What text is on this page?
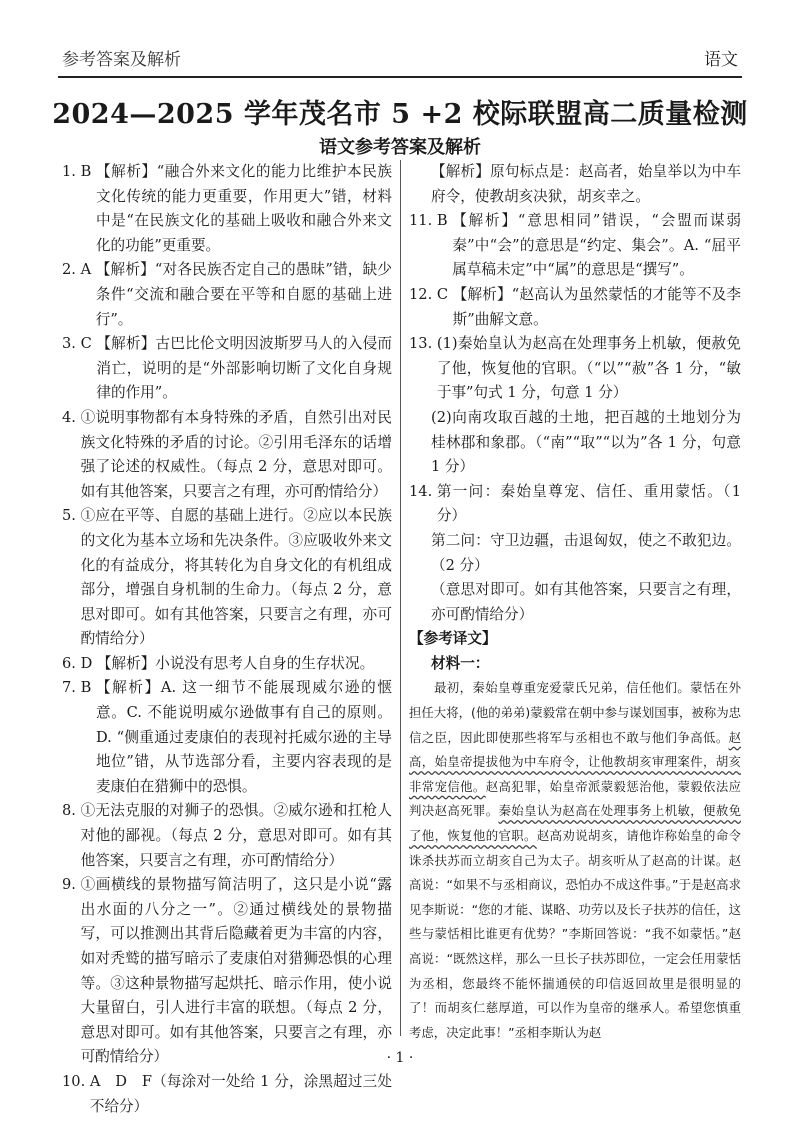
参考答案及解析	语文
2024—2025 学年茂名市 5 +2 校际联盟高二质量检测
语文参考答案及解析
1. B 【解析】“融合外来文化的能力比维护本民族文化传统的能力更重要，作用更大”错，材料中是“在民族文化的基础上吸收和融合外来文化的功能”更重要。
2. A 【解析】“对各民族否定自己的愚昧”错，缺少条件“交流和融合要在平等和自愿的基础上进行”。
3. C 【解析】古巴比伦文明因波斯罗马人的入侵而消亡，说明的是“外部影响切断了文化自身规律的作用”。
4. ①说明事物都有本身特殊的矛盾，自然引出对民族文化特殊的矛盾的讨论。②引用毛泽东的话增强了论述的权威性。（每点 2 分，意思对即可。如有其他答案，只要言之有理，亦可酌情给分）
5. ①应在平等、自愿的基础上进行。②应以本民族的文化为基本立场和先决条件。③应吸收外来文化的有益成分，将其转化为自身文化的有机组成部分，增强自身机制的生命力。（每点 2 分，意思对即可。如有其他答案，只要言之有理，亦可酌情给分）
6. D 【解析】小说没有思考人自身的生存状况。
7. B 【解析】A. 这一细节不能展现威尔逊的惬意。C. 不能说明威尔逊做事有自己的原则。D. “侧重通过麦康伯的表现衬托威尔逊的主导地位”错，从节选部分看，主要内容表现的是麦康伯在猎狮中的恐惧。
8. ①无法克服的对狮子的恐惧。②威尔逊和扛枪人对他的鄙视。（每点 2 分，意思对即可。如有其他答案，只要言之有理，亦可酌情给分）
9. ①画横线的景物描写简洁明了，这只是小说“露出水面的八分之一”。②通过横线处的景物描写，可以推测出其背后隐藏着更为丰富的内容，如对秃鹫的描写暗示了麦康伯对猎狮恐惧的心理等。③这种景物描写起烘托、暗示作用，使小说大量留白，引人进行丰富的联想。（每点 2 分，意思对即可。如有其他答案，只要言之有理，亦可酌情给分）
10. A　D　F（每涂对一处给 1 分，涂黑超过三处不给分）
【解析】原句标点是：赵高者，始皇举以为中车府令，使教胡亥决狱，胡亥幸之。
11. B 【解析】“意思相同”错误，“会盟而谋弱秦”中“会”的意思是“约定、集会”。A. “屈平属草稿未定”中“属”的意思是“撰写”。
12. C 【解析】“赵高认为虽然蒙恬的才能等不及李斯”曲解文意。
13. (1)秦始皇认为赵高在处理事务上机敏，便赦免了他，恢复他的官职。（“以”“赦”各 1 分，“敏于事”句式 1 分，句意 1 分）
(2)向南攻取百越的土地，把百越的土地划分为桂林郡和象郡。（“南”“取”“以为”各 1 分，句意 1 分）
14. 第一问：秦始皇尊宠、信任、重用蒙恬。（1 分）
第二问：守卫边疆，击退匈奴，使之不敢犯边。（2 分）
（意思对即可。如有其他答案，只要言之有理，亦可酌情给分）
【参考译文】
材料一：
最初，秦始皇尊重宠爱蒙氏兄弟，信任他们。蒙恬在外担任大将，(他的弟弟)蒙毅常在朝中参与谋划国事，被称为忠信之臣，因此即使那些将军与丞相也不敢与他们争高低。赵高，始皇帝提拔他为中车府令，让他教胡亥审理案件，胡亥非常宠信他。赵高犯罪，始皇帝派蒙毅惩治他，蒙毅依法应判决赵高死罪。秦始皇认为赵高在处理事务上机敏，便赦免了他，恢复他的官职。赵高劝说胡亥，请他诈称始皇的命令诛杀扶苏而立胡亥自己为太子。胡亥听从了赵高的计谋。赵高说：“如果不与丞相商议，恐怕办不成这件事。”于是赵高求见李斯说：“您的才能、谋略、功劳以及长子扶苏的信任，这些与蒙恬相比谁更有优势？”李斯回答说：“我不如蒙恬。”赵高说：“既然这样，那么一旦长子扶苏即位，一定会任用蒙恬为丞相，您最终不能怀揣通侯的印信返回故里是很明显的了！而胡亥仁慈厚道，可以作为皇帝的继承人。希望您慎重考虑，决定此事！”丞相李斯认为赵
· 1 ·
